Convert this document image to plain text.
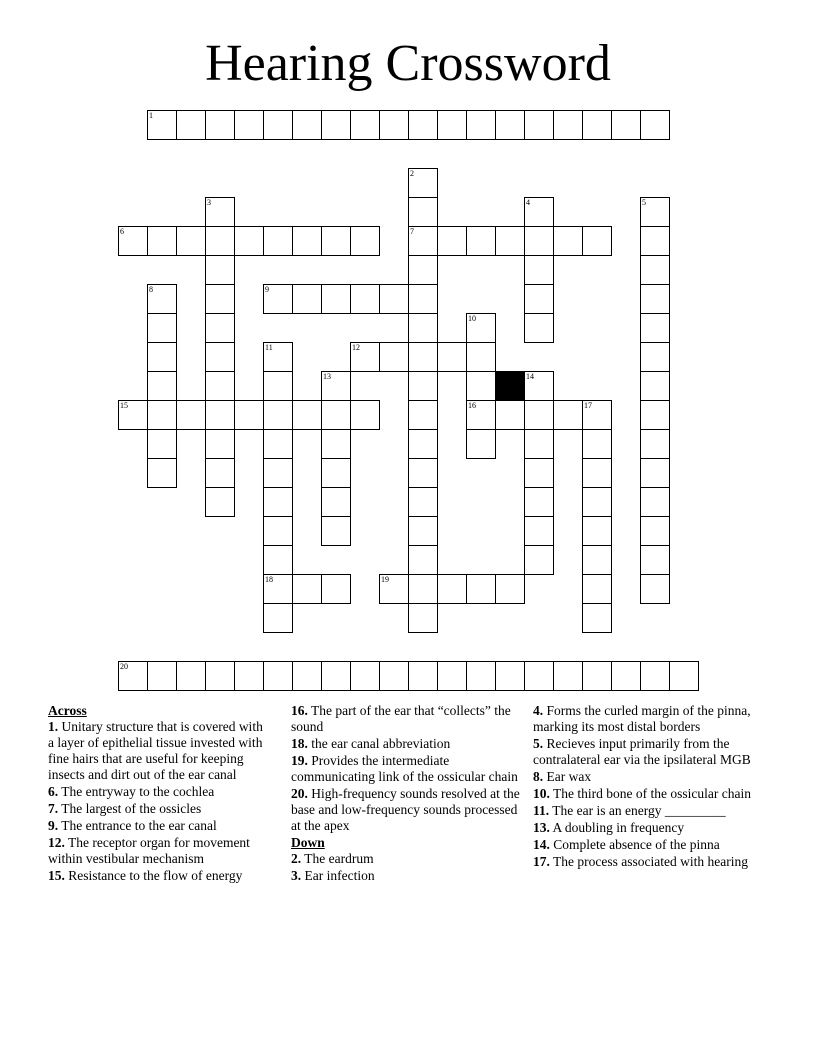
Hearing Crossword
1
6	7
9
12
15	16	17
18	19
20
2
3	4	5
8
10
11
13	14
Across
1. Unitary structure that is covered with a layer of epithelial tissue invested with fine hairs that are useful for keeping insects and dirt out of the ear canal
6. The entryway to the cochlea
7. The largest of the ossicles
9. The entrance to the ear canal
12. The receptor organ for movement within vestibular mechanism
15. Resistance to the flow of energy
16. The part of the ear that “collects” the sound
18. the ear canal abbreviation
19. Provides the intermediate communicating link of the ossicular chain
20. High-frequency sounds resolved at the base and low-frequency sounds processed at the apex
Down
2. The eardrum
3. Ear infection
4. Forms the curled margin of the pinna, marking its most distal borders
5. Recieves input primarily from the contralateral ear via the ipsilateral MGB
8. Ear wax
10. The third bone of the ossicular chain
11. The ear is an energy _________
13. A doubling in frequency
14. Complete absence of the pinna
17. The process associated with hearing
